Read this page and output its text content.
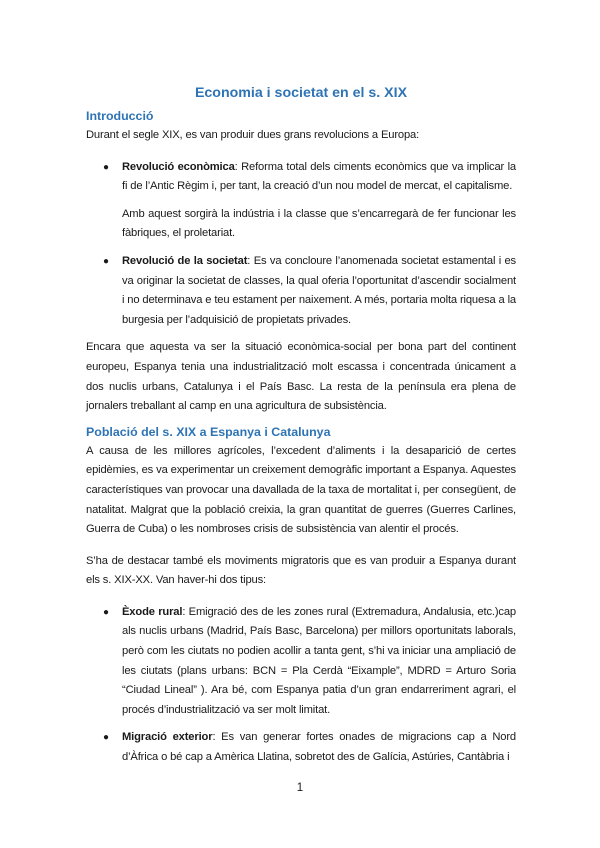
Economia i societat en el s. XIX
Introducció

Durant el segle XIX, es van produir dues grans revolucions a Europa:

● Revolució econòmica: Reforma total dels ciments econòmics que va implicar la fi de l’Antic Règim i, per tant, la creació d’un nou model de mercat, el capitalisme.

Amb aquest sorgirà la indústria i la classe que s’encarregarà de fer funcionar les fàbriques, el proletariat.

● Revolució de la societat: Es va concloure l’anomenada societat estamental i es va originar la societat de classes, la qual oferia l’oportunitat d’ascendir socialment i no determinava e teu estament per naixement. A més, portaria molta riquesa a la burgesia per l’adquisició de propietats privades.

Encara que aquesta va ser la situació econòmica-social per bona part del continent europeu, Espanya tenia una industrialització molt escassa i concentrada únicament a dos nuclis urbans, Catalunya i el País Basc. La resta de la península era plena de jornalers treballant al camp en una agricultura de subsistència.

Població del s. XIX a Espanya i Catalunya

A causa de les millores agrícoles, l’excedent d’aliments i la desaparició de certes epidèmies, es va experimentar un creixement demogràfic important a Espanya. Aquestes característiques van provocar una davallada de la taxa de mortalitat i, per consegüent, de natalitat. Malgrat que la població creixia, la gran quantitat de guerres (Guerres Carlines, Guerra de Cuba) o les nombroses crisis de subsistència van alentir el procés.

S’ha de destacar també els moviments migratoris que es van produir a Espanya durant els s. XIX-XX. Van haver-hi dos tipus:

● Èxode rural: Emigració des de les zones rural (Extremadura, Andalusia, etc.)cap als nuclis urbans (Madrid, País Basc, Barcelona) per millors oportunitats laborals, però com les ciutats no podien acollir a tanta gent, s’hi va iniciar una ampliació de les ciutats (plans urbans: BCN = Pla Cerdà “Eixample”, MDRD = Arturo Soria “Ciudad Lineal” ). Ara bé, com Espanya patia d’un gran endarreriment agrari, el procés d’industrialització va ser molt limitat.

● Migració exterior: Es van generar fortes onades de migracions cap a Nord d’Àfrica o bé cap a Amèrica Llatina, sobretot des de Galícia, Astúries, Cantàbria i

1
